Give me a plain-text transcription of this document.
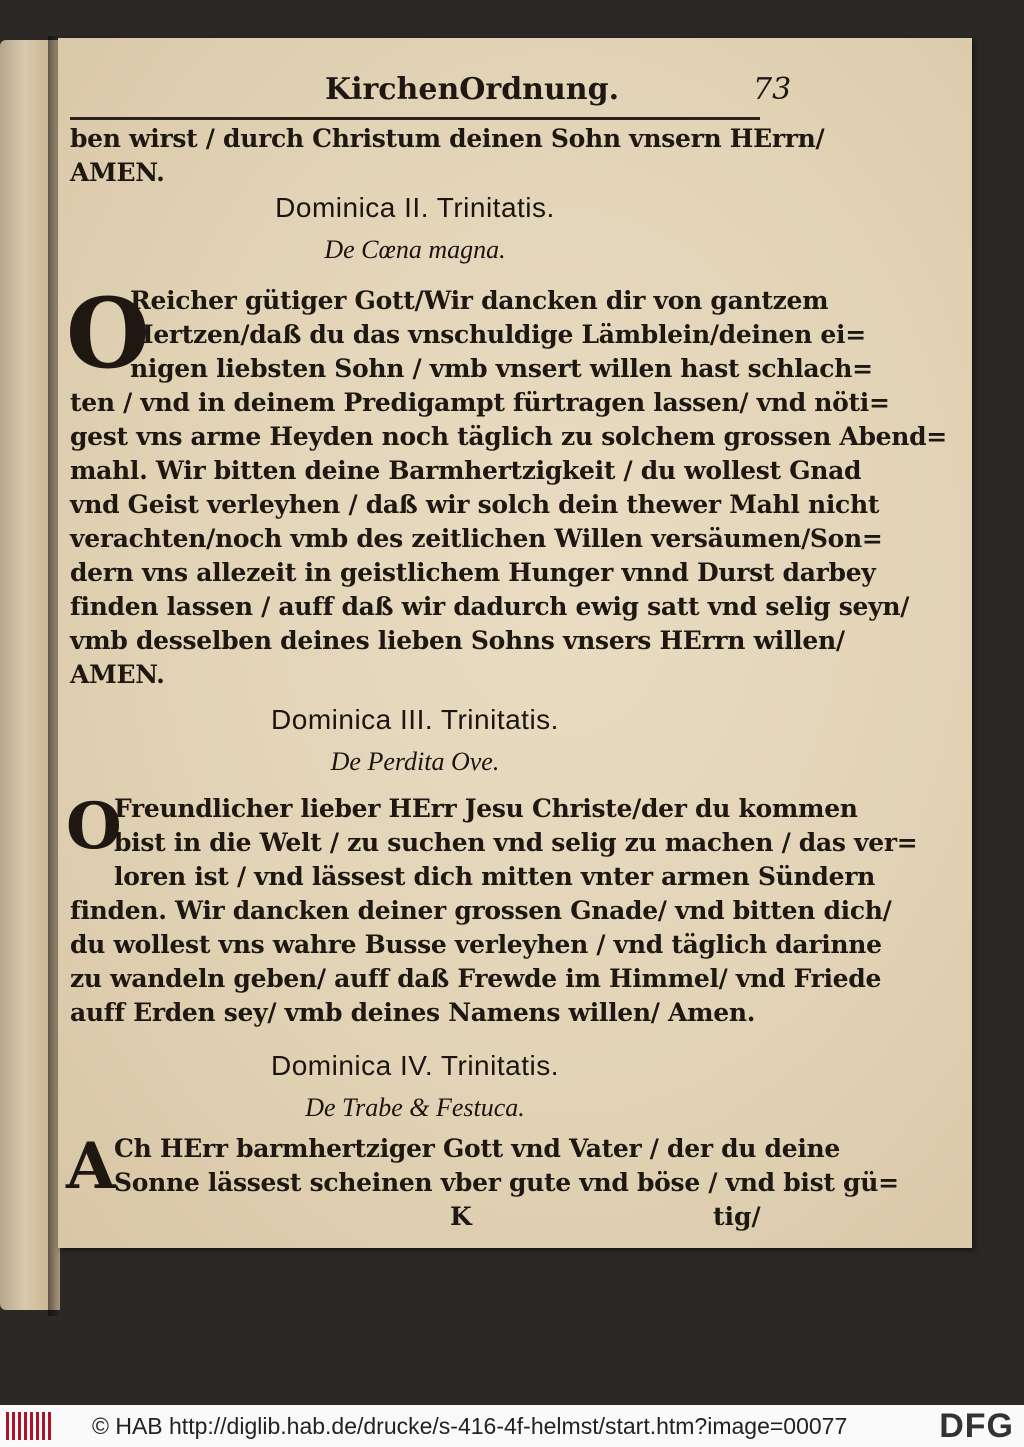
KirchenOrdnung.	73
ben wirst / durch Christum deinen Sohn vnsern HErrn/
AMEN.
Dominica II. Trinitatis.
De Cœna magna.
O
Reicher gütiger Gott/Wir dancken dir von gantzem
Hertzen/daß du das vnschuldige Lämblein/deinen ei=
nigen liebsten Sohn / vmb vnsert willen hast schlach=
ten / vnd in deinem Predigampt fürtragen lassen/ vnd nöti=
gest vns arme Heyden noch täglich zu solchem grossen Abend=
mahl. Wir bitten deine Barmhertzigkeit / du wollest Gnad
vnd Geist verleyhen / daß wir solch dein thewer Mahl nicht
verachten/noch vmb des zeitlichen Willen versäumen/Son=
dern vns allezeit in geistlichem Hunger vnnd Durst darbey
finden lassen / auff daß wir dadurch ewig satt vnd selig seyn/
vmb desselben deines lieben Sohns vnsers HErrn willen/
AMEN.
Dominica III. Trinitatis.
De Perdita Ove.
O
Freundlicher lieber HErr Jesu Christe/der du kommen
bist in die Welt / zu suchen vnd selig zu machen / das ver=
loren ist / vnd lässest dich mitten vnter armen Sündern
finden. Wir dancken deiner grossen Gnade/ vnd bitten dich/
du wollest vns wahre Busse verleyhen / vnd täglich darinne
zu wandeln geben/ auff daß Frewde im Himmel/ vnd Friede
auff Erden sey/ vmb deines Namens willen/ Amen.
Dominica IV. Trinitatis.
De Trabe & Festuca.
A
Ch HErr barmhertziger Gott vnd Vater / der du deine
Sonne lässest scheinen vber gute vnd böse / vnd bist gü=
K	tig/
© HAB http://diglib.hab.de/drucke/s-416-4f-helmst/start.htm?image=00077	DFG
